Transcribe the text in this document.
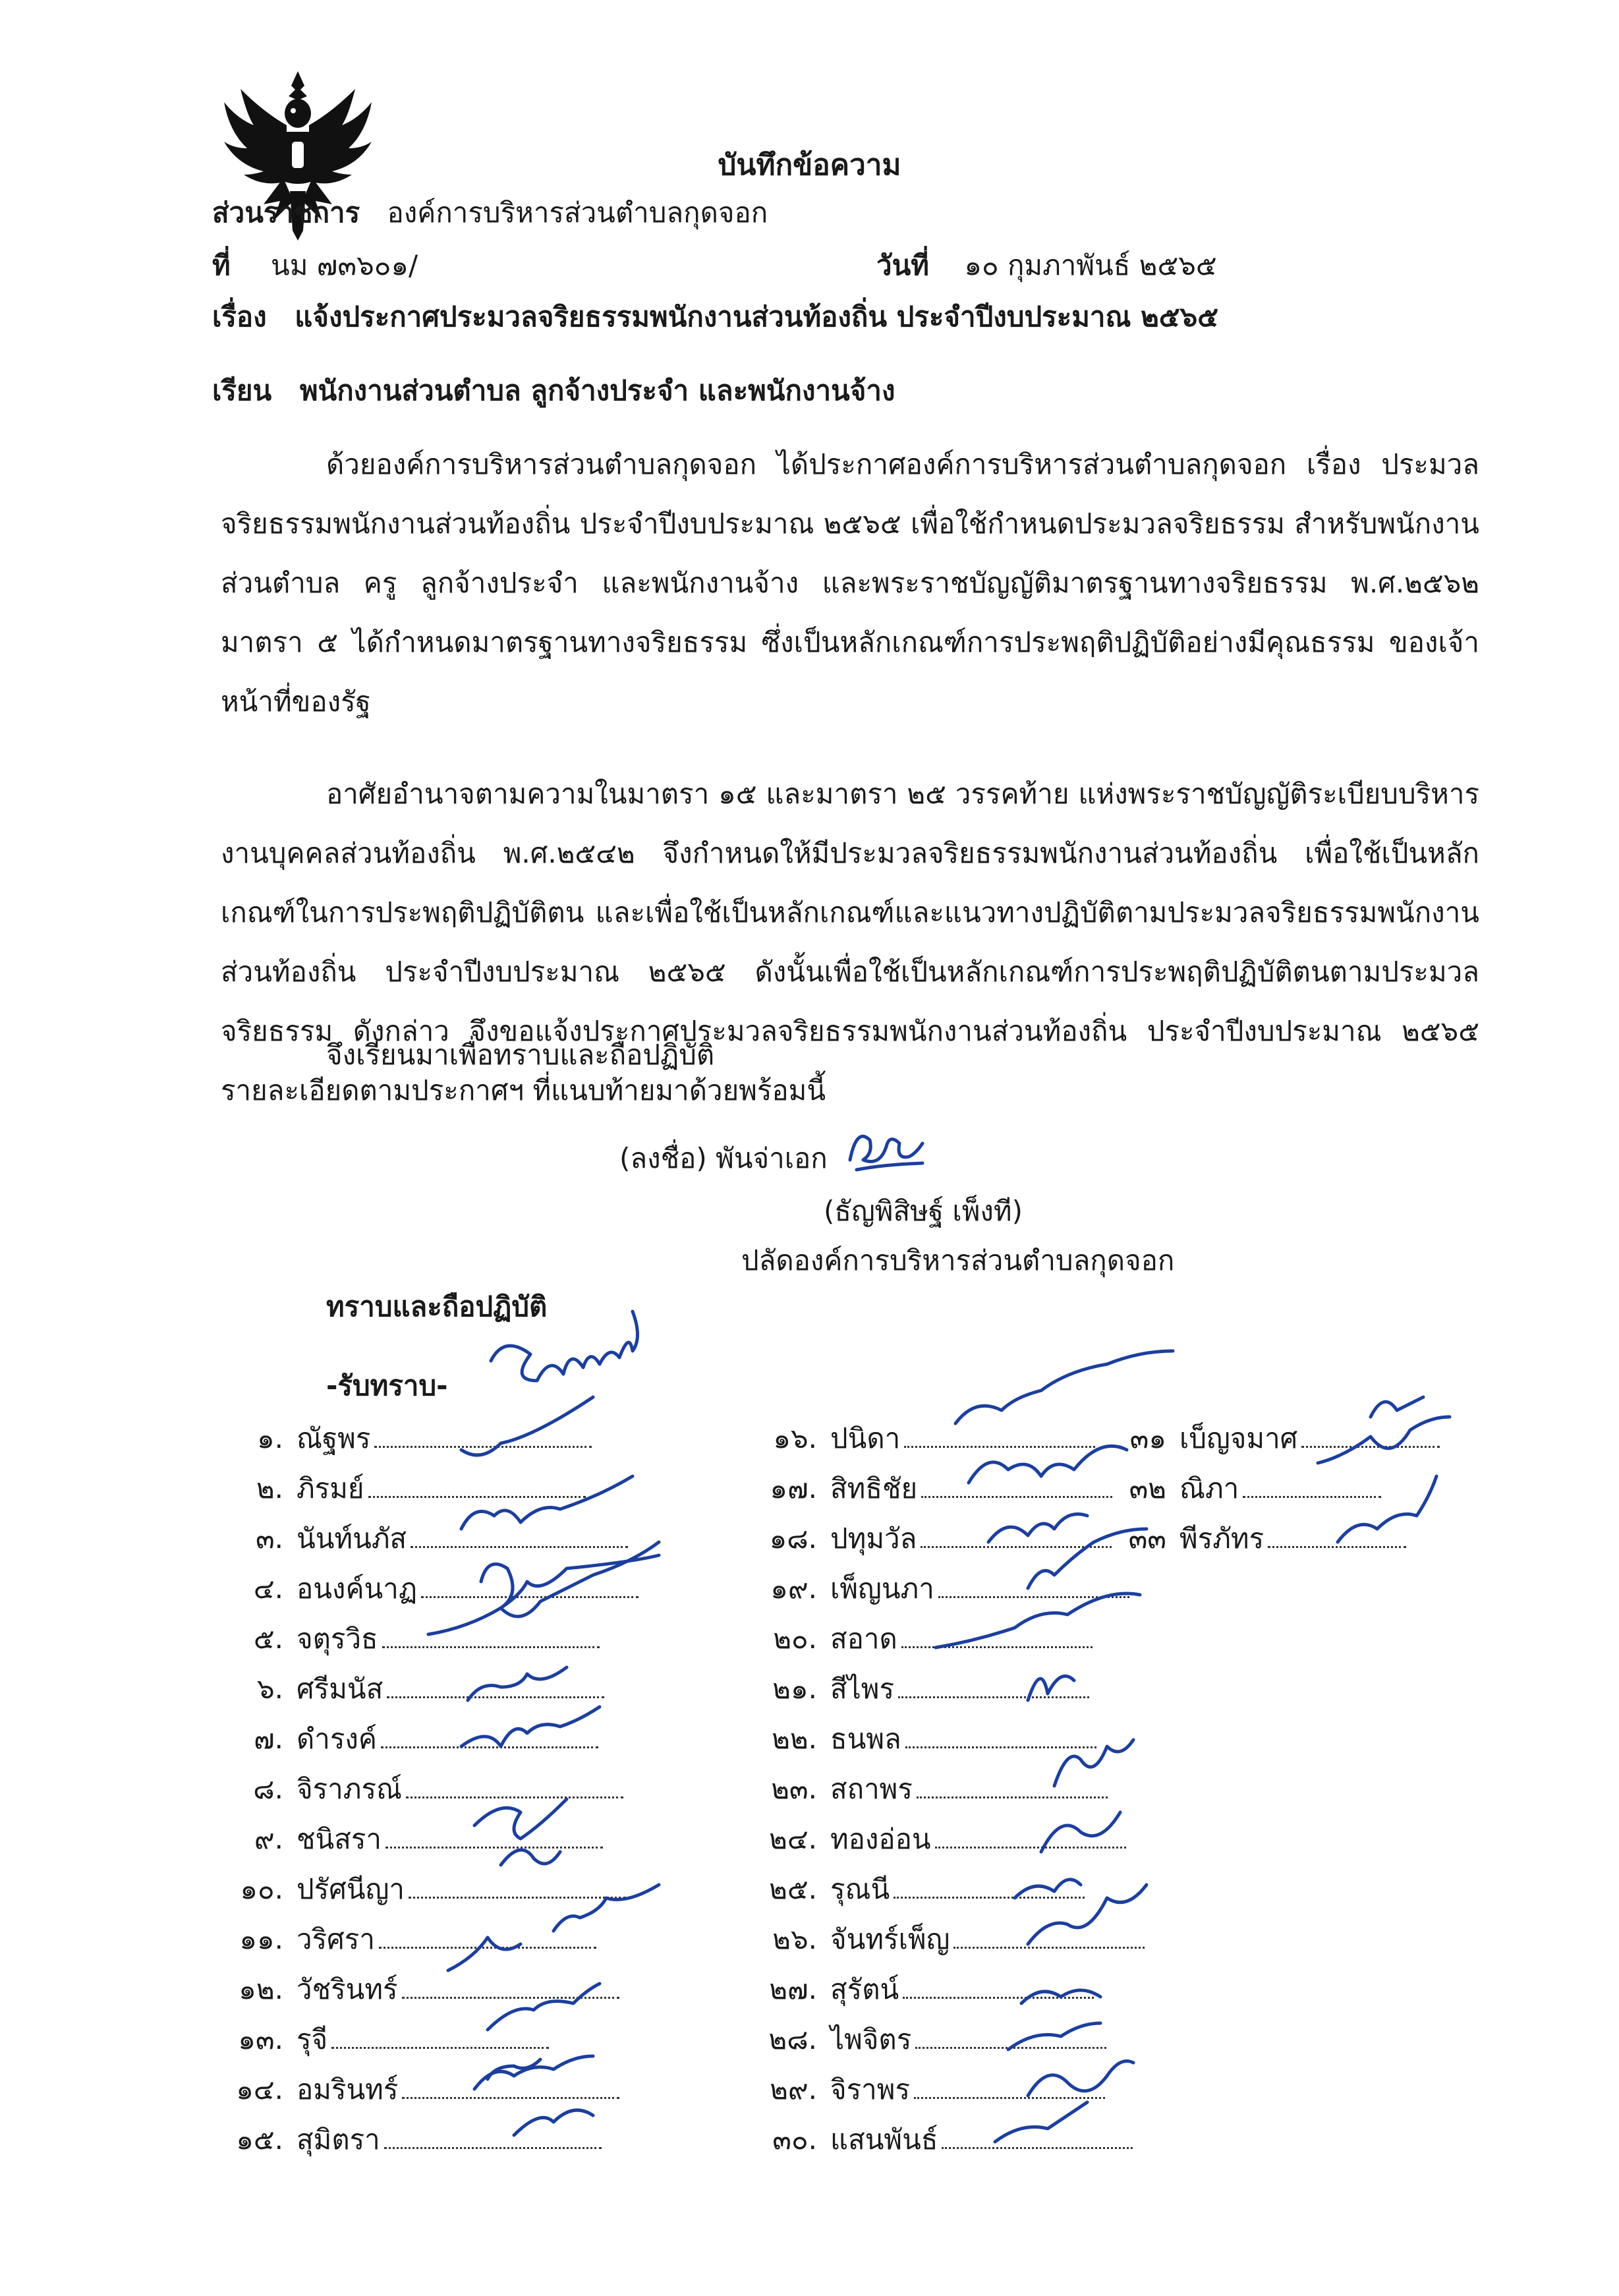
บันทึกข้อความ
ส่วนราชการ องค์การบริหารส่วนตำบลกุดจอก
ที่ นม ๗๓๖๐๑/	วันที่ ๑๐ กุมภาพันธ์ ๒๕๖๕
เรื่อง แจ้งประกาศประมวลจริยธรรมพนักงานส่วนท้องถิ่น ประจำปีงบประมาณ ๒๕๖๕
เรียน พนักงานส่วนตำบล ลูกจ้างประจำ และพนักงานจ้าง
ด้วยองค์การบริหารส่วนตำบลกุดจอก ได้ประกาศองค์การบริหารส่วนตำบลกุดจอก เรื่อง ประมวลจริยธรรมพนักงานส่วนท้องถิ่น ประจำปีงบประมาณ ๒๕๖๕ เพื่อใช้กำหนดประมวลจริยธรรม สำหรับพนักงานส่วนตำบล ครู ลูกจ้างประจำ และพนักงานจ้าง และพระราชบัญญัติมาตรฐานทางจริยธรรม พ.ศ.๒๕๖๒ มาตรา ๕ ได้กำหนดมาตรฐานทางจริยธรรม ซึ่งเป็นหลักเกณฑ์การประพฤติปฏิบัติอย่างมีคุณธรรม ของเจ้าหน้าที่ของรัฐ
อาศัยอำนาจตามความในมาตรา ๑๕ และมาตรา ๒๕ วรรคท้าย แห่งพระราชบัญญัติระเบียบบริหารงานบุคคลส่วนท้องถิ่น พ.ศ.๒๕๔๒ จึงกำหนดให้มีประมวลจริยธรรมพนักงานส่วนท้องถิ่น เพื่อใช้เป็นหลักเกณฑ์ในการประพฤติปฏิบัติตน และเพื่อใช้เป็นหลักเกณฑ์และแนวทางปฏิบัติตามประมวลจริยธรรมพนักงานส่วนท้องถิ่น ประจำปีงบประมาณ ๒๕๖๕ ดังนั้นเพื่อใช้เป็นหลักเกณฑ์การประพฤติปฏิบัติตนตามประมวลจริยธรรม ดังกล่าว จึงขอแจ้งประกาศประมวลจริยธรรมพนักงานส่วนท้องถิ่น ประจำปีงบประมาณ ๒๕๖๕ รายละเอียดตามประกาศฯ ที่แนบท้ายมาด้วยพร้อมนี้
จึงเรียนมาเพื่อทราบและถือปฏิบัติ
(ลงชื่อ) พันจ่าเอก
(ธัญพิสิษฐ์ เพ็งที)
ปลัดองค์การบริหารส่วนตำบลกุดจอก
ทราบและถือปฏิบัติ
-รับทราบ-
๑. ณัฐพร
๒. ภิรมย์
๓. นันท์นภัส
๔. อนงค์นาฏ
๕. จตุรวิธ
๖. ศรีมนัส
๗. ดำรงค์
๘. จิราภรณ์
๙. ชนิสรา
๑๐. ปรัศนีญา
๑๑. วริศรา
๑๒. วัชรินทร์
๑๓. รุจี
๑๔. อมรินทร์
๑๕. สุมิตรา
๑๖. ปนิดา
๑๗. สิทธิชัย
๑๘. ปทุมวัล
๑๙. เพ็ญนภา
๒๐. สอาด
๒๑. สีไพร
๒๒. ธนพล
๒๓. สถาพร
๒๔. ทองอ่อน
๒๕. รุณนี
๒๖. จันทร์เพ็ญ
๒๗. สุรัตน์
๒๘. ไพจิตร
๒๙. จิราพร
๓๐. แสนพันธ์
๓๑ เบ็ญจมาศ
๓๒ ณิภา
๓๓ พีรภัทร
